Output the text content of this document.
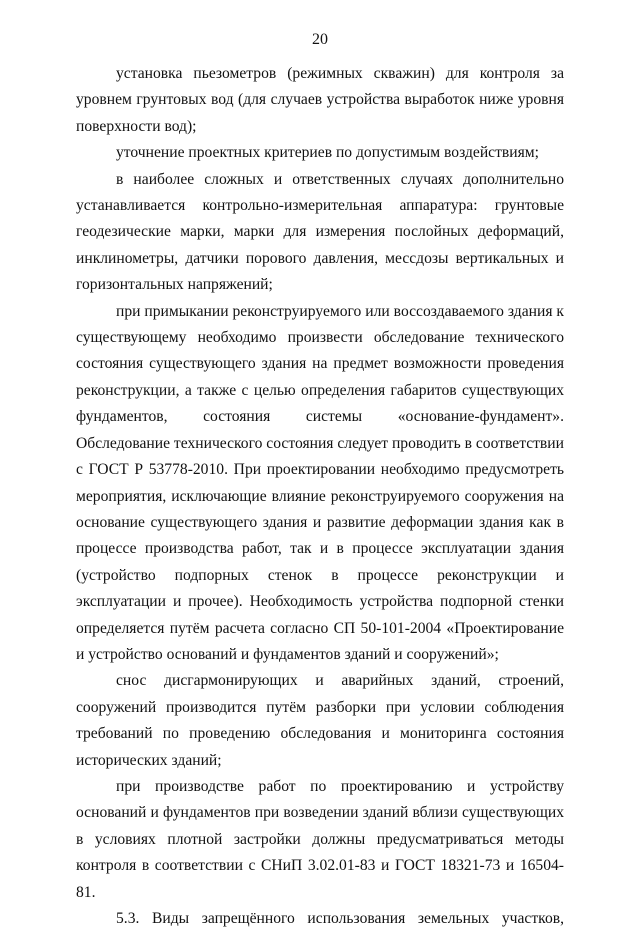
20

установка пьезометров (режимных скважин) для контроля за уровнем грунтовых вод (для случаев устройства выработок ниже уровня поверхности вод);

уточнение проектных критериев по допустимым воздействиям;

в наиболее сложных и ответственных случаях дополнительно устанавливается контрольно-измерительная аппаратура: грунтовые геодезические марки, марки для измерения послойных деформаций, инклинометры, датчики порового давления, мессдозы вертикальных и горизонтальных напряжений;

при примыкании реконструируемого или воссоздаваемого здания к существующему необходимо произвести обследование технического состояния существующего здания на предмет возможности проведения реконструкции, а также с целью определения габаритов существующих фундаментов, состояния системы «основание-фундамент». Обследование технического состояния следует проводить в соответствии с ГОСТ Р 53778-2010. При проектировании необходимо предусмотреть мероприятия, исключающие влияние реконструируемого сооружения на основание существующего здания и развитие деформации здания как в процессе производства работ, так и в процессе эксплуатации здания (устройство подпорных стенок в процессе реконструкции и эксплуатации и прочее). Необходимость устройства подпорной стенки определяется путём расчета согласно СП 50-101-2004 «Проектирование и устройство оснований и фундаментов зданий и сооружений»;

снос дисгармонирующих и аварийных зданий, строений, сооружений производится путём разборки при условии соблюдения требований по проведению обследования и мониторинга состояния исторических зданий;

при производстве работ по проектированию и устройству оснований и фундаментов при возведении зданий вблизи существующих в условиях плотной застройки должны предусматриваться методы контроля в соответствии с СНиП 3.02.01-83 и ГОСТ 18321-73 и 16504-81.

5.3. Виды запрещённого использования земельных участков,
